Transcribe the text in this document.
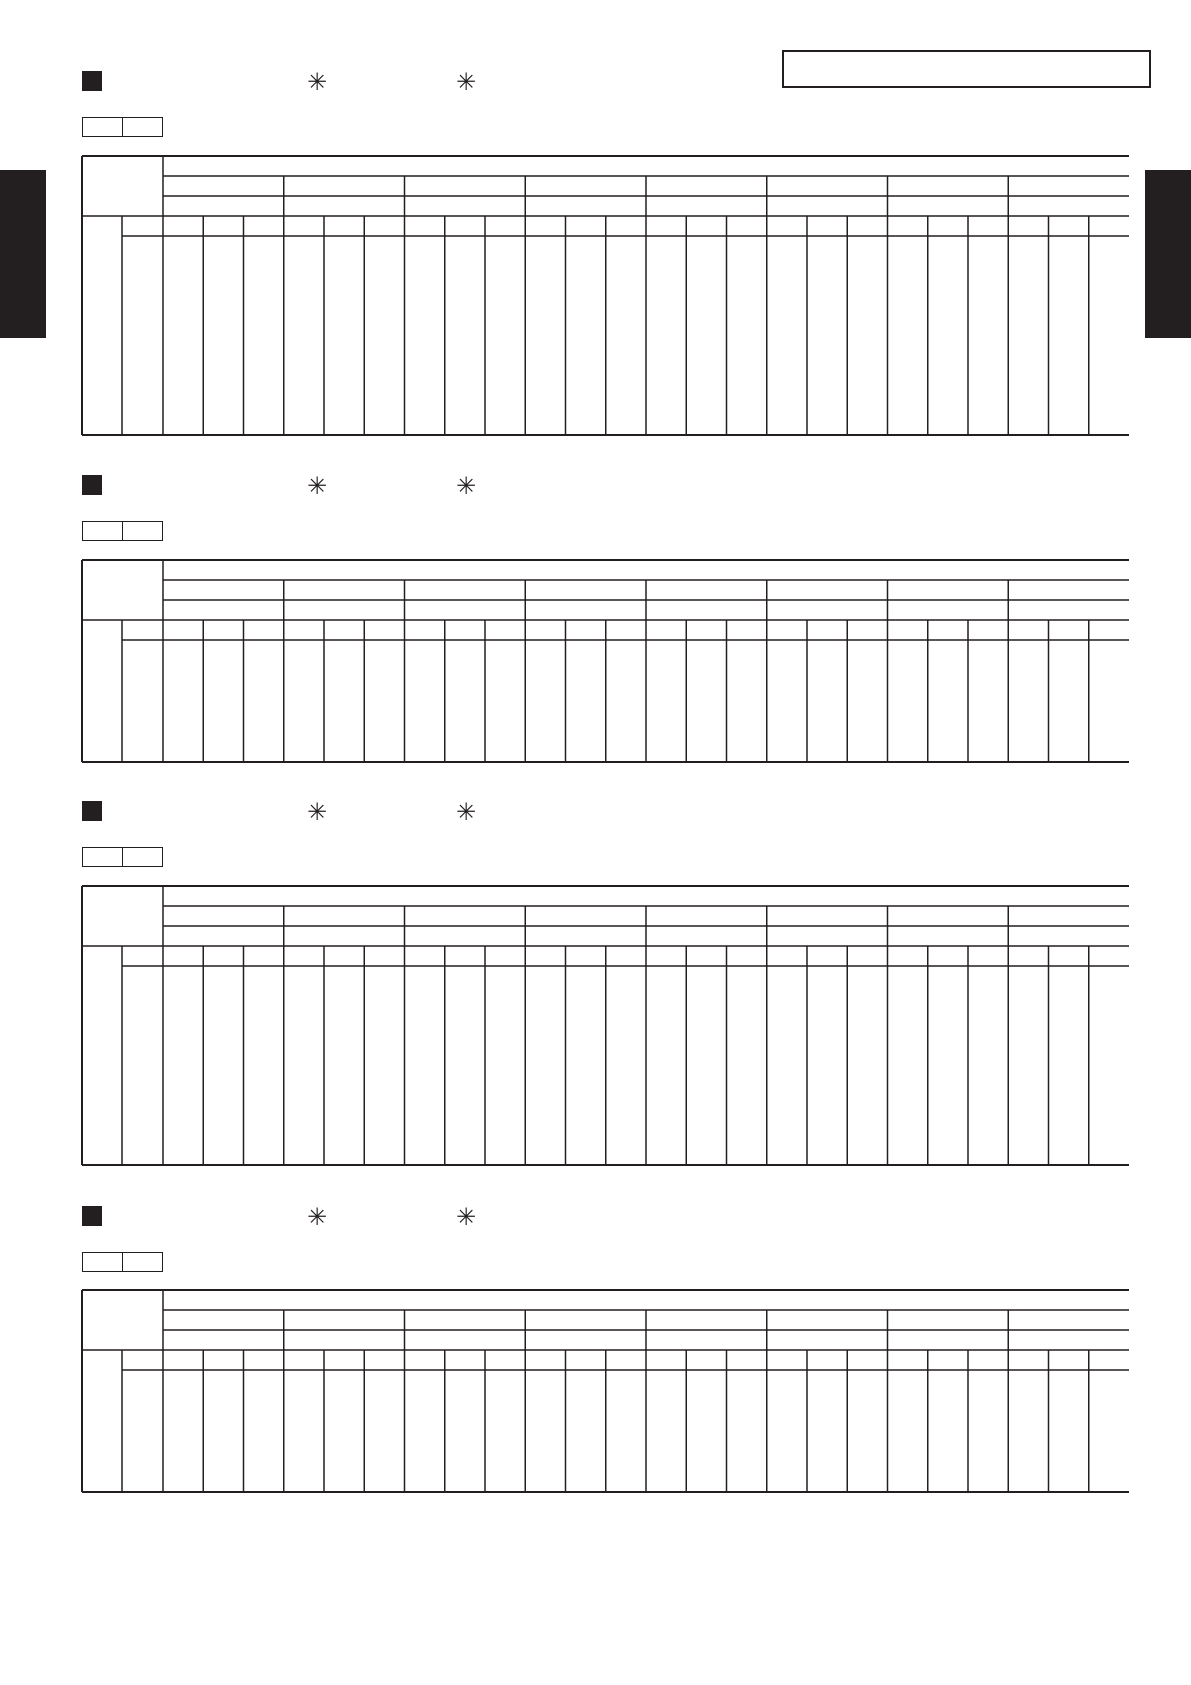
✳	✳
✳	✳
✳	✳
✳	✳
